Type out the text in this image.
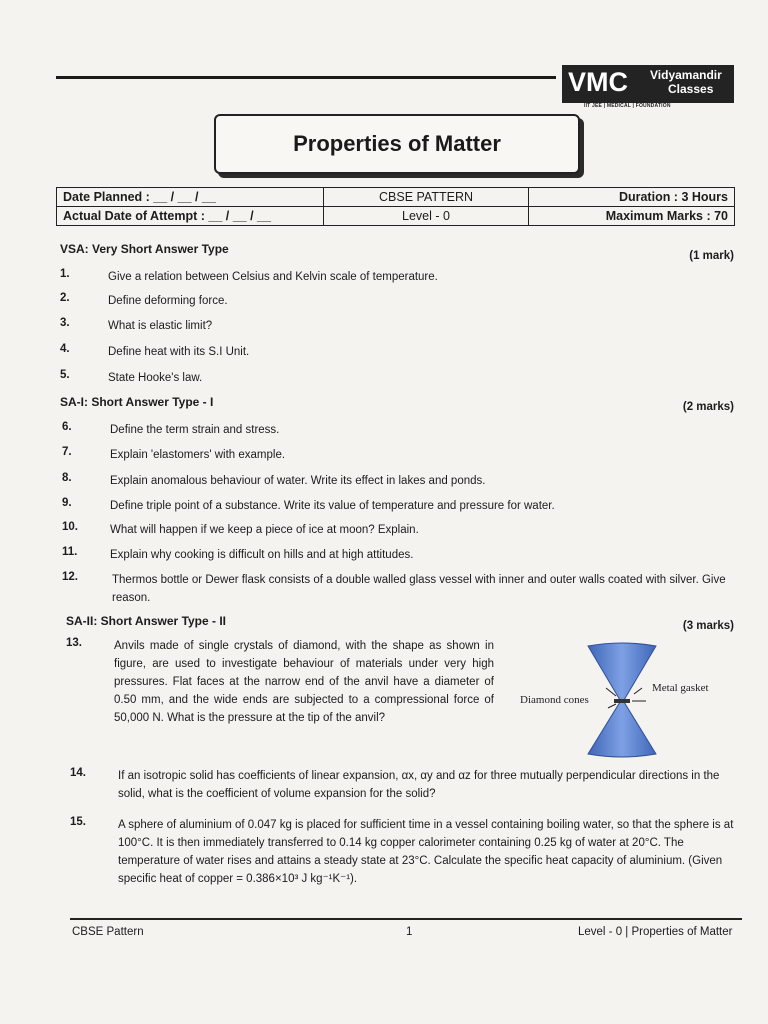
VMC Vidyamandir
Classes
IIT JEE | MEDICAL | FOUNDATION
Properties of Matter
Date Planned : __ / __ / __	CBSE PATTERN	Duration : 3 Hours
Actual Date of Attempt : __ / __ / __	Level - 0	Maximum Marks : 70
VSA: Very Short Answer Type	(1 mark)
1.	Give a relation between Celsius and Kelvin scale of temperature.
2.	Define deforming force.
3.	What is elastic limit?
4.	Define heat with its S.I Unit.
5.	State Hooke's law.
SA-I: Short Answer Type - I	(2 marks)
6.	Define the term strain and stress.
7.	Explain 'elastomers' with example.
8.	Explain anomalous behaviour of water. Write its effect in lakes and ponds.
9.	Define triple point of a substance. Write its value of temperature and pressure for water.
10.	What will happen if we keep a piece of ice at moon? Explain.
11.	Explain why cooking is difficult on hills and at high attitudes.
12.	Thermos bottle or Dewer flask consists of a double walled glass vessel with inner and outer walls coated with silver. Give reason.
SA-II: Short Answer Type - II	(3 marks)
13.	Anvils made of single crystals of diamond, with the shape as shown in figure, are used to investigate behaviour of materials under very high pressures. Flat faces at the narrow end of the anvil have a diameter of 0.50 mm, and the wide ends are subjected to a compressional force of 50,000 N. What is the pressure at the tip of the anvil?
Diamond cones
Metal gasket
14.	If an isotropic solid has coefficients of linear expansion, αx, αy and αz for three mutually perpendicular directions in the solid, what is the coefficient of volume expansion for the solid?
15.	A sphere of aluminium of 0.047 kg is placed for sufficient time in a vessel containing boiling water, so that the sphere is at 100°C. It is then immediately transferred to 0.14 kg copper calorimeter containing 0.25 kg of water at 20°C. The temperature of water rises and attains a steady state at 23°C. Calculate the specific heat capacity of aluminium. (Given specific heat of copper = 0.386×10³ J kg⁻¹K⁻¹).
CBSE Pattern	1	Level - 0 | Properties of Matter
